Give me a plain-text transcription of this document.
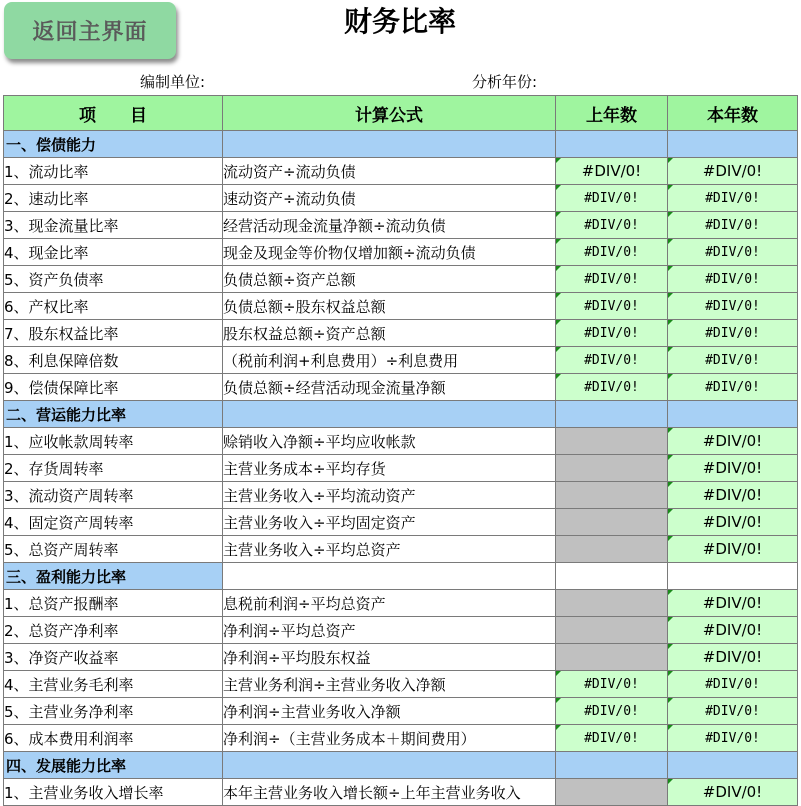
返回主界面	财务比率
编制单位:	分析年份:
项　　目	计算公式	上年数	本年数
一、偿债能力			
1、流动比率	流动资产÷流动负债	#DIV/0!	#DIV/0!
2、速动比率	速动资产÷流动负债	#DIV/0!	#DIV/0!
3、现金流量比率	经营活动现金流量净额÷流动负债	#DIV/0!	#DIV/0!
4、现金比率	现金及现金等价物仅增加额÷流动负债	#DIV/0!	#DIV/0!
5、资产负债率	负债总额÷资产总额	#DIV/0!	#DIV/0!
6、产权比率	负债总额÷股东权益总额	#DIV/0!	#DIV/0!
7、股东权益比率	股东权益总额÷资产总额	#DIV/0!	#DIV/0!
8、利息保障倍数	（税前利润+利息费用）÷利息费用	#DIV/0!	#DIV/0!
9、偿债保障比率	负债总额÷经营活动现金流量净额	#DIV/0!	#DIV/0!
二、营运能力比率			
1、应收帐款周转率	赊销收入净额÷平均应收帐款		#DIV/0!
2、存货周转率	主营业务成本÷平均存货		#DIV/0!
3、流动资产周转率	主营业务收入÷平均流动资产		#DIV/0!
4、固定资产周转率	主营业务收入÷平均固定资产		#DIV/0!
5、总资产周转率	主营业务收入÷平均总资产		#DIV/0!
三、盈利能力比率			
1、总资产报酬率	息税前利润÷平均总资产		#DIV/0!
2、总资产净利率	净利润÷平均总资产		#DIV/0!
3、净资产收益率	净利润÷平均股东权益		#DIV/0!
4、主营业务毛利率	主营业务利润÷主营业务收入净额	#DIV/0!	#DIV/0!
5、主营业务净利率	净利润÷主营业务收入净额	#DIV/0!	#DIV/0!
6、成本费用利润率	净利润÷（主营业务成本＋期间费用）	#DIV/0!	#DIV/0!
四、发展能力比率			
1、主营业务收入增长率	本年主营业务收入增长额÷上年主营业务收入		#DIV/0!
